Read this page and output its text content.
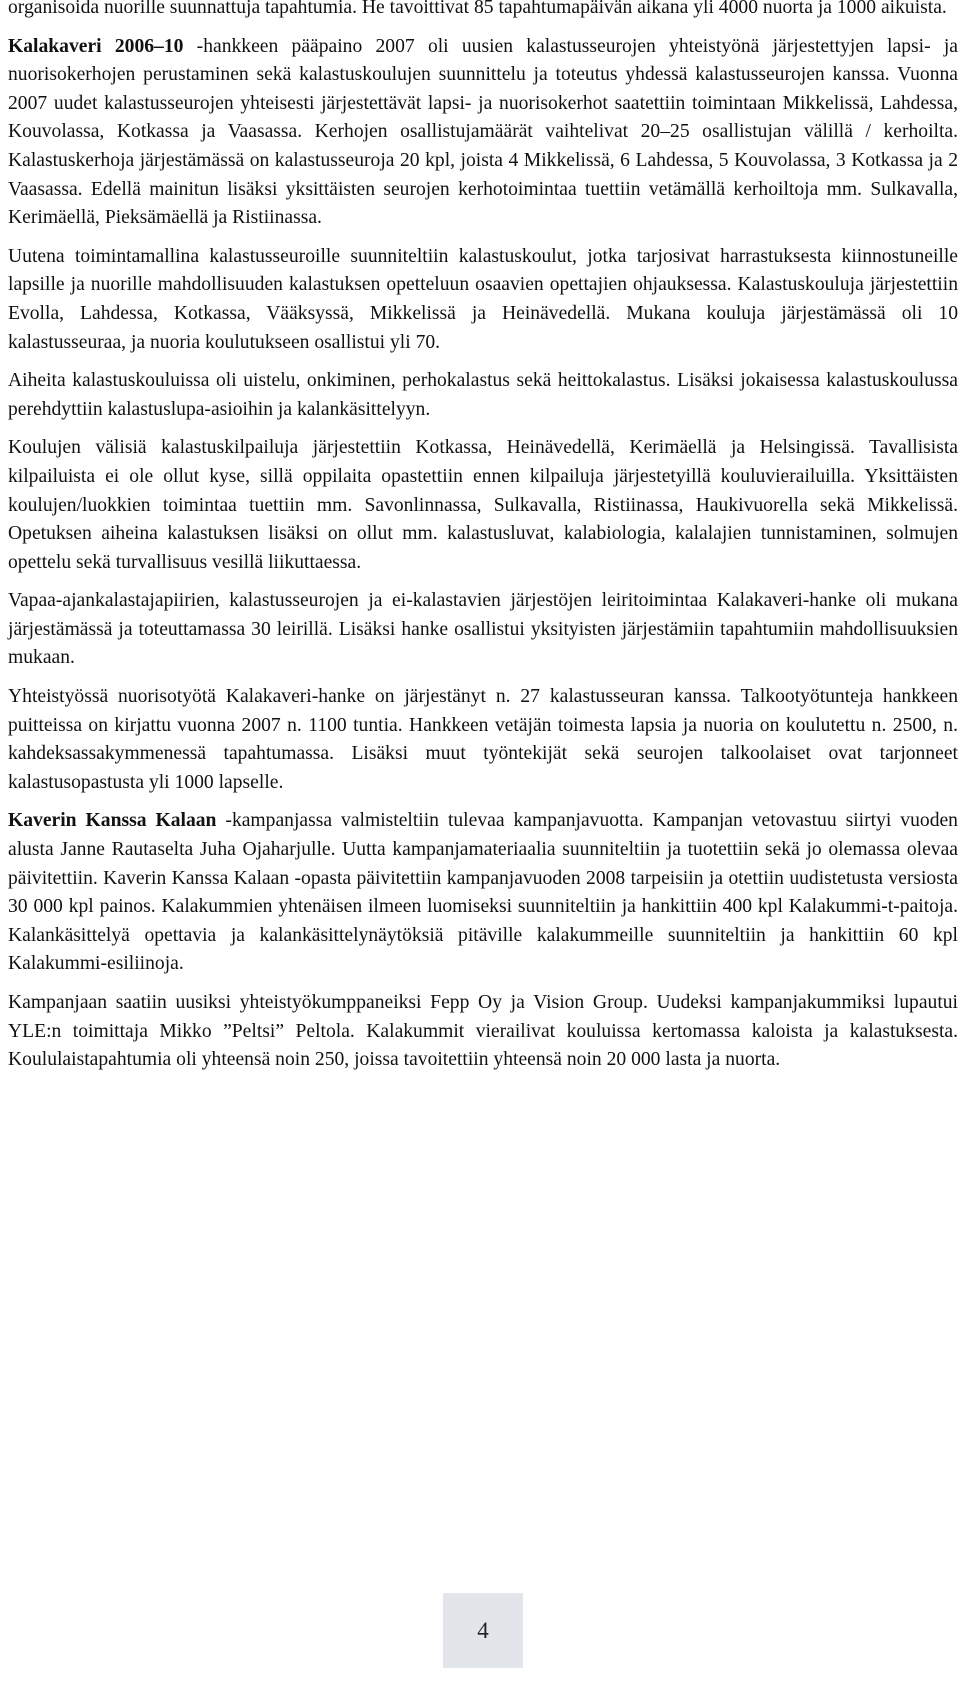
organisoida nuorille suunnattuja tapahtumia. He tavoittivat 85 tapahtumapäivän aikana yli 4000 nuorta ja 1000 aikuista.

Kalakaveri 2006–10 -hankkeen pääpaino 2007 oli uusien kalastusseurojen yhteistyönä järjestettyjen lapsi- ja nuorisokerhojen perustaminen sekä kalastuskoulujen suunnittelu ja toteutus yhdessä kalastusseurojen kanssa. Vuonna 2007 uudet kalastusseurojen yhteisesti järjestettävät lapsi- ja nuorisokerhot saatettiin toimintaan Mikkelissä, Lahdessa, Kouvolassa, Kotkassa ja Vaasassa. Kerhojen osallistujamäärät vaihtelivat 20–25 osallistujan välillä / kerhoilta. Kalastuskerhoja järjestämässä on kalastusseuroja 20 kpl, joista 4 Mikkelissä, 6 Lahdessa, 5 Kouvolassa, 3 Kotkassa ja 2 Vaasassa. Edellä mainitun lisäksi yksittäisten seurojen kerhotoimintaa tuettiin vetämällä kerhoiltoja mm. Sulkavalla, Kerimäellä, Pieksämäellä ja Ristiinassa.

Uutena toimintamallina kalastusseuroille suunniteltiin kalastuskoulut, jotka tarjosivat harrastuksesta kiinnostuneille lapsille ja nuorille mahdollisuuden kalastuksen opetteluun osaavien opettajien ohjauksessa. Kalastuskouluja järjestettiin Evolla, Lahdessa, Kotkassa, Vääksyssä, Mikkelissä ja Heinävedellä. Mukana kouluja järjestämässä oli 10 kalastusseuraa, ja nuoria koulutukseen osallistui yli 70.

Aiheita kalastuskouluissa oli uistelu, onkiminen, perhokalastus sekä heittokalastus. Lisäksi jokaisessa kalastuskoulussa perehdyttiin kalastuslupa-asioihin ja kalankäsittelyyn.

Koulujen välisiä kalastuskilpailuja järjestettiin Kotkassa, Heinävedellä, Kerimäellä ja Helsingissä. Tavallisista kilpailuista ei ole ollut kyse, sillä oppilaita opastettiin ennen kilpailuja järjestetyillä kouluvierailuilla. Yksittäisten koulujen/luokkien toimintaa tuettiin mm. Savonlinnassa, Sulkavalla, Ristiinassa, Haukivuorella sekä Mikkelissä. Opetuksen aiheina kalastuksen lisäksi on ollut mm. kalastusluvat, kalabiologia, kalalajien tunnistaminen, solmujen opettelu sekä turvallisuus vesillä liikuttaessa.

Vapaa-ajankalastajapiirien, kalastusseurojen ja ei-kalastavien järjestöjen leiritoimintaa Kalakaveri-hanke oli mukana järjestämässä ja toteuttamassa 30 leirillä. Lisäksi hanke osallistui yksityisten järjestämiin tapahtumiin mahdollisuuksien mukaan.

Yhteistyössä nuorisotyötä Kalakaveri-hanke on järjestänyt n. 27 kalastusseuran kanssa. Talkootyötunteja hankkeen puitteissa on kirjattu vuonna 2007 n. 1100 tuntia. Hankkeen vetäjän toimesta lapsia ja nuoria on koulutettu n. 2500, n. kahdeksassakymmenessä tapahtumassa. Lisäksi muut työntekijät sekä seurojen talkoolaiset ovat tarjonneet kalastusopastusta yli 1000 lapselle.

Kaverin Kanssa Kalaan -kampanjassa valmisteltiin tulevaa kampanjavuotta. Kampanjan vetovastuu siirtyi vuoden alusta Janne Rautaselta Juha Ojaharjulle. Uutta kampanjamateriaalia suunniteltiin ja tuotettiin sekä jo olemassa olevaa päivitettiin. Kaverin Kanssa Kalaan -opasta päivitettiin kampanjavuoden 2008 tarpeisiin ja otettiin uudistetusta versiosta 30 000 kpl painos. Kalakummien yhtenäisen ilmeen luomiseksi suunniteltiin ja hankittiin 400 kpl Kalakummi-t-paitoja. Kalankäsittelyä opettavia ja kalankäsittelynäytöksiä pitäville kalakummeille suunniteltiin ja hankittiin 60 kpl Kalakummi-esiliinoja.

Kampanjaan saatiin uusiksi yhteistyökumppaneiksi Fepp Oy ja Vision Group. Uudeksi kampanjakummiksi lupautui YLE:n toimittaja Mikko ”Peltsi” Peltola. Kalakummit vierailivat kouluissa kertomassa kaloista ja kalastuksesta. Koululaistapahtumia oli yhteensä noin 250, joissa tavoitettiin yhteensä noin 20 000 lasta ja nuorta.

4
